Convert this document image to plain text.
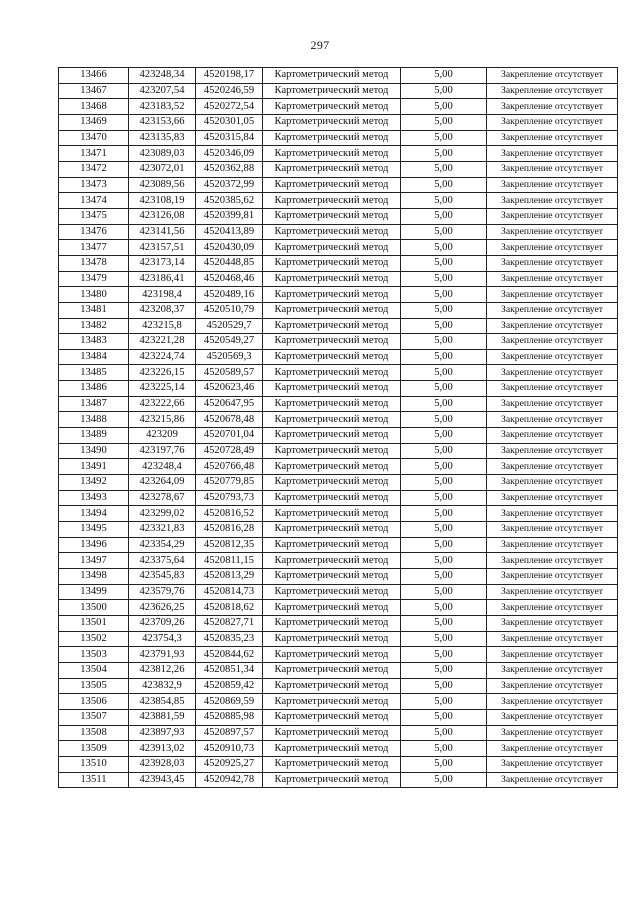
297
13466	423248,34	4520198,17	Картометрический метод	5,00	Закрепление отсутствует
13467	423207,54	4520246,59	Картометрический метод	5,00	Закрепление отсутствует
13468	423183,52	4520272,54	Картометрический метод	5,00	Закрепление отсутствует
13469	423153,66	4520301,05	Картометрический метод	5,00	Закрепление отсутствует
13470	423135,83	4520315,84	Картометрический метод	5,00	Закрепление отсутствует
13471	423089,03	4520346,09	Картометрический метод	5,00	Закрепление отсутствует
13472	423072,01	4520362,88	Картометрический метод	5,00	Закрепление отсутствует
13473	423089,56	4520372,99	Картометрический метод	5,00	Закрепление отсутствует
13474	423108,19	4520385,62	Картометрический метод	5,00	Закрепление отсутствует
13475	423126,08	4520399,81	Картометрический метод	5,00	Закрепление отсутствует
13476	423141,56	4520413,89	Картометрический метод	5,00	Закрепление отсутствует
13477	423157,51	4520430,09	Картометрический метод	5,00	Закрепление отсутствует
13478	423173,14	4520448,85	Картометрический метод	5,00	Закрепление отсутствует
13479	423186,41	4520468,46	Картометрический метод	5,00	Закрепление отсутствует
13480	423198,4	4520489,16	Картометрический метод	5,00	Закрепление отсутствует
13481	423208,37	4520510,79	Картометрический метод	5,00	Закрепление отсутствует
13482	423215,8	4520529,7	Картометрический метод	5,00	Закрепление отсутствует
13483	423221,28	4520549,27	Картометрический метод	5,00	Закрепление отсутствует
13484	423224,74	4520569,3	Картометрический метод	5,00	Закрепление отсутствует
13485	423226,15	4520589,57	Картометрический метод	5,00	Закрепление отсутствует
13486	423225,14	4520623,46	Картометрический метод	5,00	Закрепление отсутствует
13487	423222,66	4520647,95	Картометрический метод	5,00	Закрепление отсутствует
13488	423215,86	4520678,48	Картометрический метод	5,00	Закрепление отсутствует
13489	423209	4520701,04	Картометрический метод	5,00	Закрепление отсутствует
13490	423197,76	4520728,49	Картометрический метод	5,00	Закрепление отсутствует
13491	423248,4	4520766,48	Картометрический метод	5,00	Закрепление отсутствует
13492	423264,09	4520779,85	Картометрический метод	5,00	Закрепление отсутствует
13493	423278,67	4520793,73	Картометрический метод	5,00	Закрепление отсутствует
13494	423299,02	4520816,52	Картометрический метод	5,00	Закрепление отсутствует
13495	423321,83	4520816,28	Картометрический метод	5,00	Закрепление отсутствует
13496	423354,29	4520812,35	Картометрический метод	5,00	Закрепление отсутствует
13497	423375,64	4520811,15	Картометрический метод	5,00	Закрепление отсутствует
13498	423545,83	4520813,29	Картометрический метод	5,00	Закрепление отсутствует
13499	423579,76	4520814,73	Картометрический метод	5,00	Закрепление отсутствует
13500	423626,25	4520818,62	Картометрический метод	5,00	Закрепление отсутствует
13501	423709,26	4520827,71	Картометрический метод	5,00	Закрепление отсутствует
13502	423754,3	4520835,23	Картометрический метод	5,00	Закрепление отсутствует
13503	423791,93	4520844,62	Картометрический метод	5,00	Закрепление отсутствует
13504	423812,26	4520851,34	Картометрический метод	5,00	Закрепление отсутствует
13505	423832,9	4520859,42	Картометрический метод	5,00	Закрепление отсутствует
13506	423854,85	4520869,59	Картометрический метод	5,00	Закрепление отсутствует
13507	423881,59	4520885,98	Картометрический метод	5,00	Закрепление отсутствует
13508	423897,93	4520897,57	Картометрический метод	5,00	Закрепление отсутствует
13509	423913,02	4520910,73	Картометрический метод	5,00	Закрепление отсутствует
13510	423928,03	4520925,27	Картометрический метод	5,00	Закрепление отсутствует
13511	423943,45	4520942,78	Картометрический метод	5,00	Закрепление отсутствует
